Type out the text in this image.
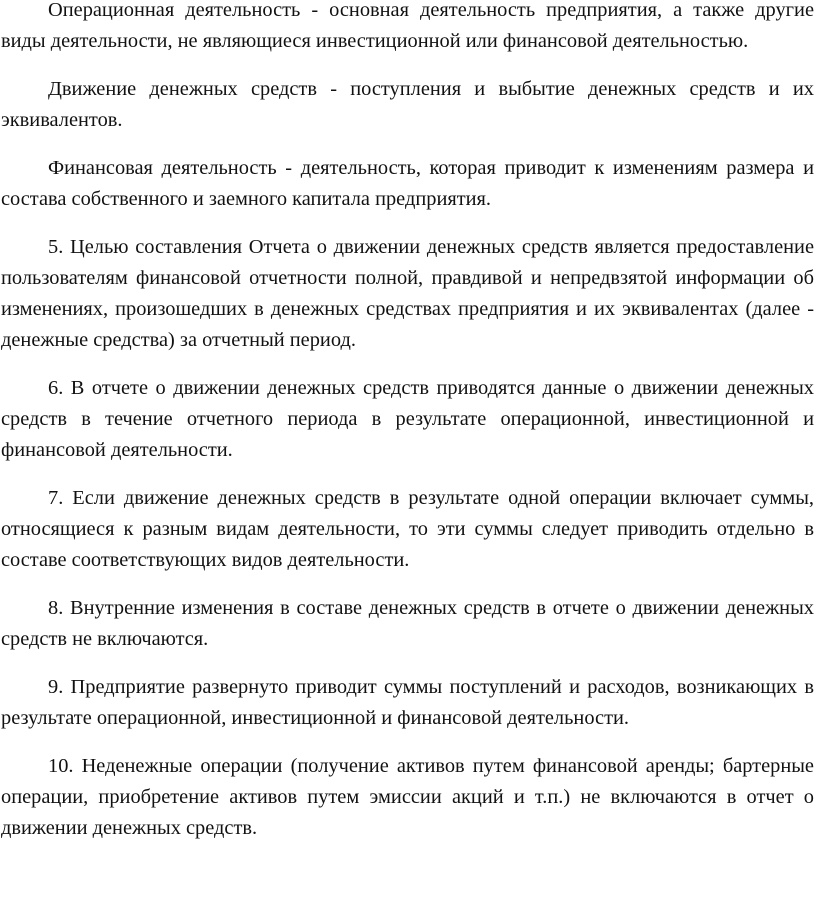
Операционная деятельность - основная деятельность предприятия, а также другие виды деятельности, не являющиеся инвестиционной или финансовой деятельностью.

Движение денежных средств - поступления и выбытие денежных средств и их эквивалентов.

Финансовая деятельность - деятельность, которая приводит к изменениям размера и состава собственного и заемного капитала предприятия.

5. Целью составления Отчета о движении денежных средств является предоставление пользователям финансовой отчетности полной, правдивой и непредвзятой информации об изменениях, произошедших в денежных средствах предприятия и их эквивалентах (далее - денежные средства) за отчетный период.

6. В отчете о движении денежных средств приводятся данные о движении денежных средств в течение отчетного периода в результате операционной, инвестиционной и финансовой деятельности.

7. Если движение денежных средств в результате одной операции включает суммы, относящиеся к разным видам деятельности, то эти суммы следует приводить отдельно в составе соответствующих видов деятельности.

8. Внутренние изменения в составе денежных средств в отчете о движении денежных средств не включаются.

9. Предприятие развернуто приводит суммы поступлений и расходов, возникающих в результате операционной, инвестиционной и финансовой деятельности.

10. Неденежные операции (получение активов путем финансовой аренды; бартерные операции, приобретение активов путем эмиссии акций и т.п.) не включаются в отчет о движении денежных средств.
